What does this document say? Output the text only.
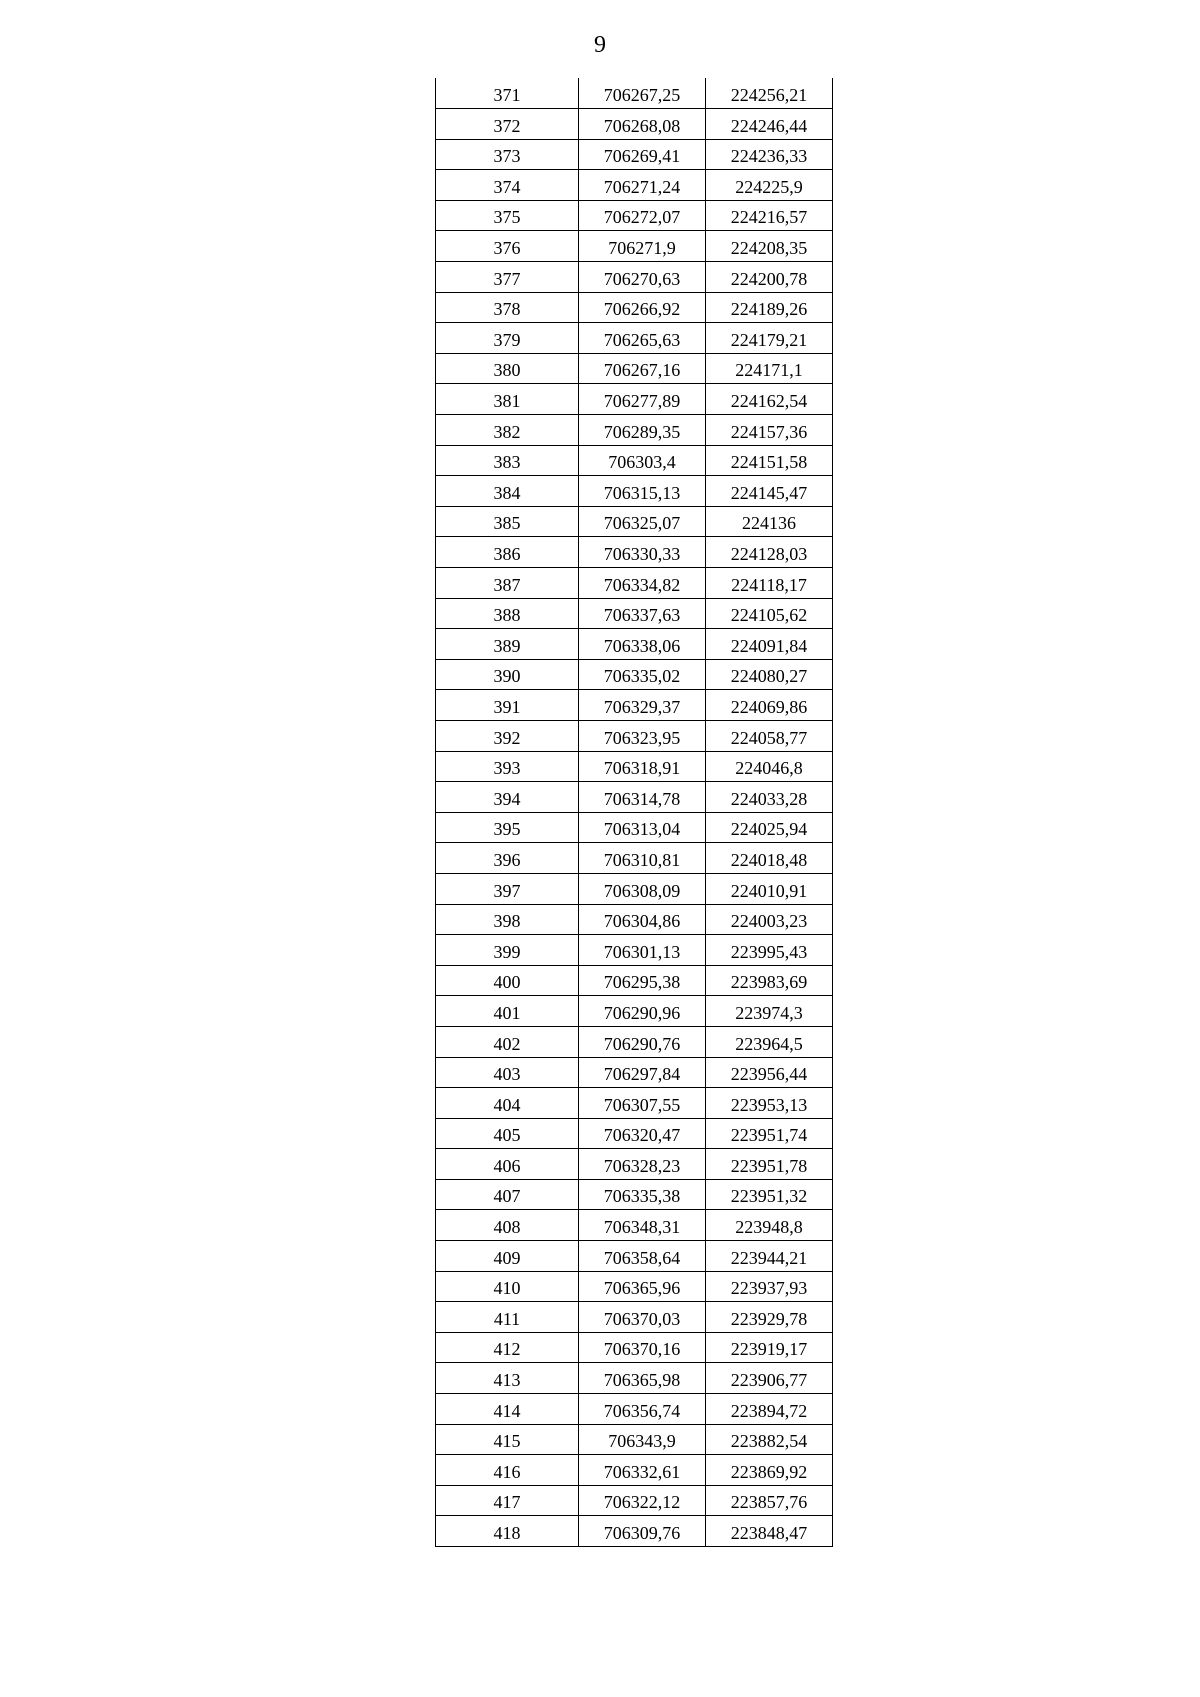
9
371	706267,25	224256,21
372	706268,08	224246,44
373	706269,41	224236,33
374	706271,24	224225,9
375	706272,07	224216,57
376	706271,9	224208,35
377	706270,63	224200,78
378	706266,92	224189,26
379	706265,63	224179,21
380	706267,16	224171,1
381	706277,89	224162,54
382	706289,35	224157,36
383	706303,4	224151,58
384	706315,13	224145,47
385	706325,07	224136
386	706330,33	224128,03
387	706334,82	224118,17
388	706337,63	224105,62
389	706338,06	224091,84
390	706335,02	224080,27
391	706329,37	224069,86
392	706323,95	224058,77
393	706318,91	224046,8
394	706314,78	224033,28
395	706313,04	224025,94
396	706310,81	224018,48
397	706308,09	224010,91
398	706304,86	224003,23
399	706301,13	223995,43
400	706295,38	223983,69
401	706290,96	223974,3
402	706290,76	223964,5
403	706297,84	223956,44
404	706307,55	223953,13
405	706320,47	223951,74
406	706328,23	223951,78
407	706335,38	223951,32
408	706348,31	223948,8
409	706358,64	223944,21
410	706365,96	223937,93
411	706370,03	223929,78
412	706370,16	223919,17
413	706365,98	223906,77
414	706356,74	223894,72
415	706343,9	223882,54
416	706332,61	223869,92
417	706322,12	223857,76
418	706309,76	223848,47
